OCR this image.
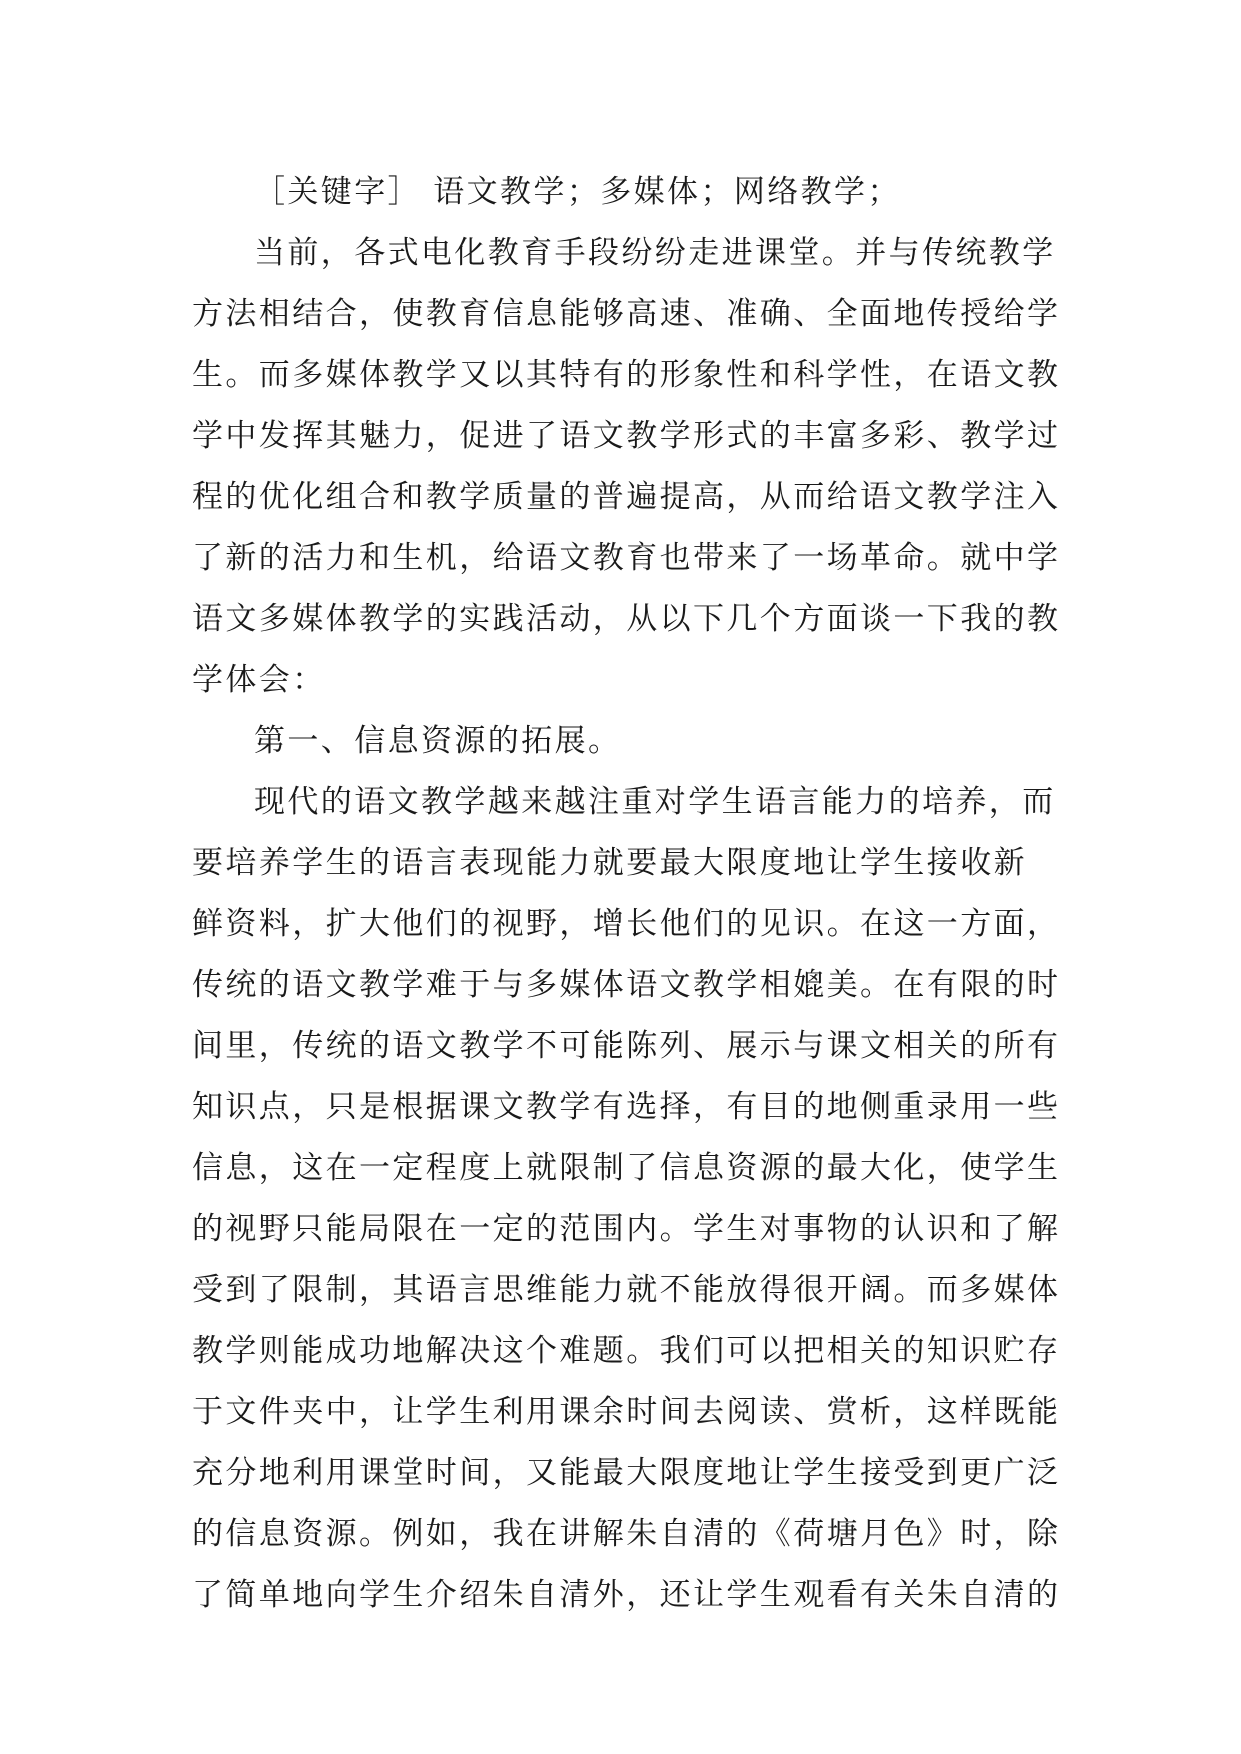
［关键字］ 语文教学；多媒体；网络教学；
当前，各式电化教育手段纷纷走进课堂。并与传统教学
方法相结合，使教育信息能够高速、准确、全面地传授给学
生。而多媒体教学又以其特有的形象性和科学性，在语文教
学中发挥其魅力，促进了语文教学形式的丰富多彩、教学过
程的优化组合和教学质量的普遍提高，从而给语文教学注入
了新的活力和生机，给语文教育也带来了一场革命。就中学
语文多媒体教学的实践活动，从以下几个方面谈一下我的教
学体会：
第一、信息资源的拓展。
现代的语文教学越来越注重对学生语言能力的培养，而
要培养学生的语言表现能力就要最大限度地让学生接收新
鲜资料，扩大他们的视野，增长他们的见识。在这一方面，
传统的语文教学难于与多媒体语文教学相媲美。在有限的时
间里，传统的语文教学不可能陈列、展示与课文相关的所有
知识点，只是根据课文教学有选择，有目的地侧重录用一些
信息，这在一定程度上就限制了信息资源的最大化，使学生
的视野只能局限在一定的范围内。学生对事物的认识和了解
受到了限制，其语言思维能力就不能放得很开阔。而多媒体
教学则能成功地解决这个难题。我们可以把相关的知识贮存
于文件夹中，让学生利用课余时间去阅读、赏析，这样既能
充分地利用课堂时间，又能最大限度地让学生接受到更广泛
的信息资源。例如，我在讲解朱自清的《荷塘月色》时，除
了简单地向学生介绍朱自清外，还让学生观看有关朱自清的
